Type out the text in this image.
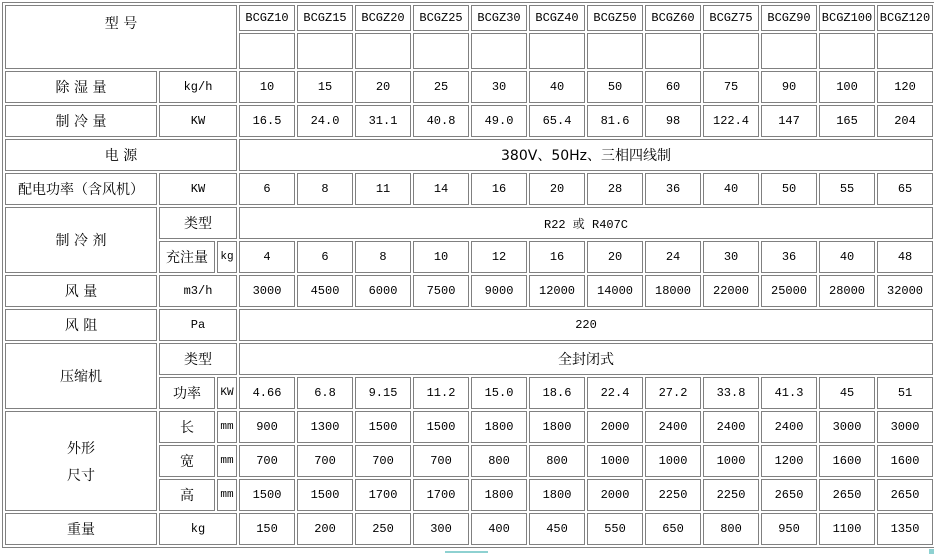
型 号			BCGZ10	BCGZ15	BCGZ20	BCGZ25	BCGZ30	BCGZ40	BCGZ50	BCGZ60	BCGZ75	BCGZ90	BCGZ100	BCGZ120

除 湿 量	kg/h		10	15	20	25	30	40	50	60	75	90	100	120
制 冷 量	KW		16.5	24.0	31.1	40.8	49.0	65.4	81.6	98	122.4	147	165	204
电 源			380V、50Hz、三相四线制											
配电功率（含风机）	KW		6	8	11	14	16	20	28	36	40	50	55	65
制 冷 剂	类型		R22 或 R407C											
	充注量	kg	4	6	8	10	12	16	20	24	30	36	40	48
风 量	m3/h		3000	4500	6000	7500	9000	12000	14000	18000	22000	25000	28000	32000
风 阻	Pa		220											
压缩机	类型		全封闭式											
	功率	KW	4.66	6.8	9.15	11.2	15.0	18.6	22.4	27.2	33.8	41.3	45	51

外形
尺寸	长	mm	900	1300	1500	1500	1800	1800	2000	2400	2400	2400	3000	3000
	宽	mm	700	700	700	700	800	800	1000	1000	1000	1200	1600	1600
	高	mm	1500	1500	1700	1700	1800	1800	2000	2250	2250	2650	2650	2650
重量	kg		150	200	250	300	400	450	550	650	800	950	1100	1350
